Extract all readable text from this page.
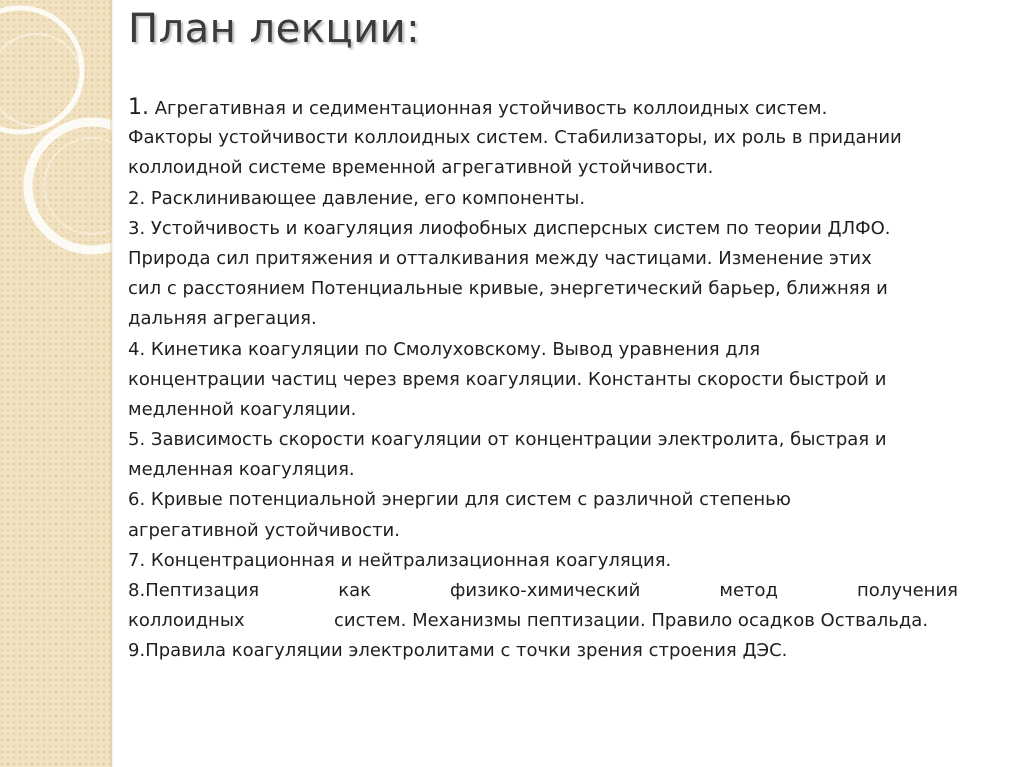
План лекции:
1. Агрегативная и седиментационная устойчивость коллоидных систем.
Факторы устойчивости коллоидных систем. Стабилизаторы, их роль в придании
коллоидной системе временной агрегативной устойчивости.
2. Расклинивающее давление, его компоненты.
3. Устойчивость и коагуляция лиофобных дисперсных систем по теории ДЛФО.
Природа сил притяжения и отталкивания между частицами. Изменение этих
сил с расстоянием Потенциальные кривые, энергетический барьер, ближняя и
дальняя агрегация.
4. Кинетика коагуляции по Смолуховскому. Вывод уравнения для
концентрации частиц через время коагуляции. Константы скорости быстрой и
медленной коагуляции.
5. Зависимость скорости коагуляции от концентрации электролита, быстрая и
медленная коагуляция.
6. Кривые потенциальной энергии для систем с различной степенью
агрегативной устойчивости.
7. Концентрационная и нейтрализационная коагуляция.
8.Пептизация	как	физико-химический	метод	получения
коллоидных	систем. Механизмы пептизации. Правило осадков Оствальда.
9.Правила коагуляции электролитами с точки зрения строения ДЭС.
